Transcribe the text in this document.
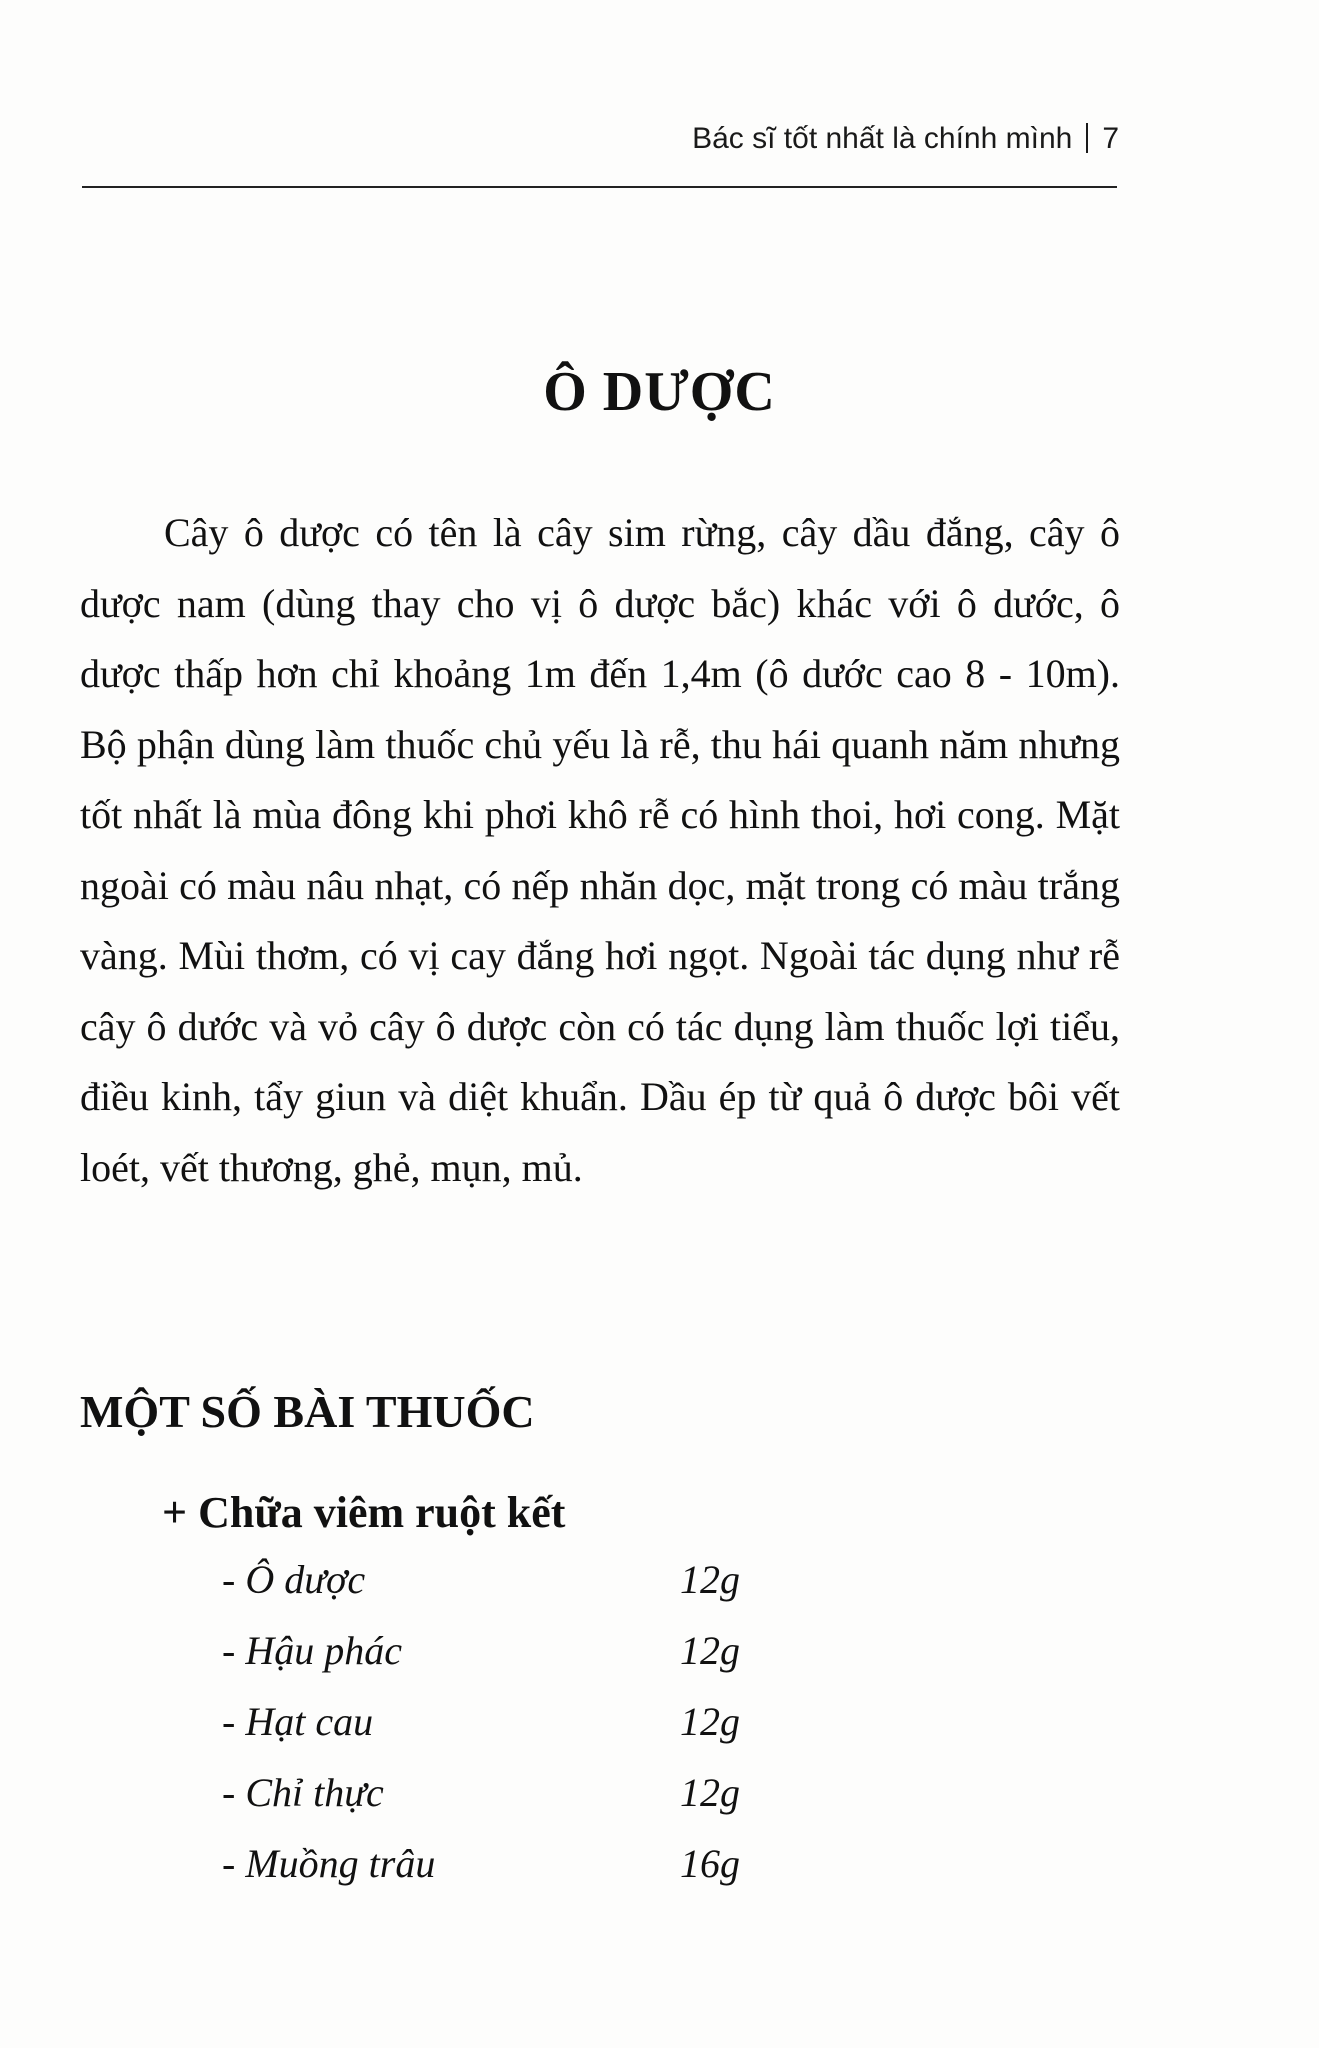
Bác sĩ tốt nhất là chính mình 7
Ô DƯỢC

Cây ô dược có tên là cây sim rừng, cây dầu đắng, cây ô dược nam (dùng thay cho vị ô dược bắc) khác với ô dước, ô dược thấp hơn chỉ khoảng 1m đến 1,4m (ô dước cao 8 - 10m). Bộ phận dùng làm thuốc chủ yếu là rễ, thu hái quanh năm nhưng tốt nhất là mùa đông khi phơi khô rễ có hình thoi, hơi cong. Mặt ngoài có màu nâu nhạt, có nếp nhăn dọc, mặt trong có màu trắng vàng. Mùi thơm, có vị cay đắng hơi ngọt. Ngoài tác dụng như rễ cây ô dước và vỏ cây ô dược còn có tác dụng làm thuốc lợi tiểu, điều kinh, tẩy giun và diệt khuẩn. Dầu ép từ quả ô dược bôi vết loét, vết thương, ghẻ, mụn, mủ.

MỘT SỐ BÀI THUỐC
+ Chữa viêm ruột kết
- Ô dược	12g
- Hậu phác	12g
- Hạt cau	12g
- Chỉ thực	12g
- Muồng trâu	16g
